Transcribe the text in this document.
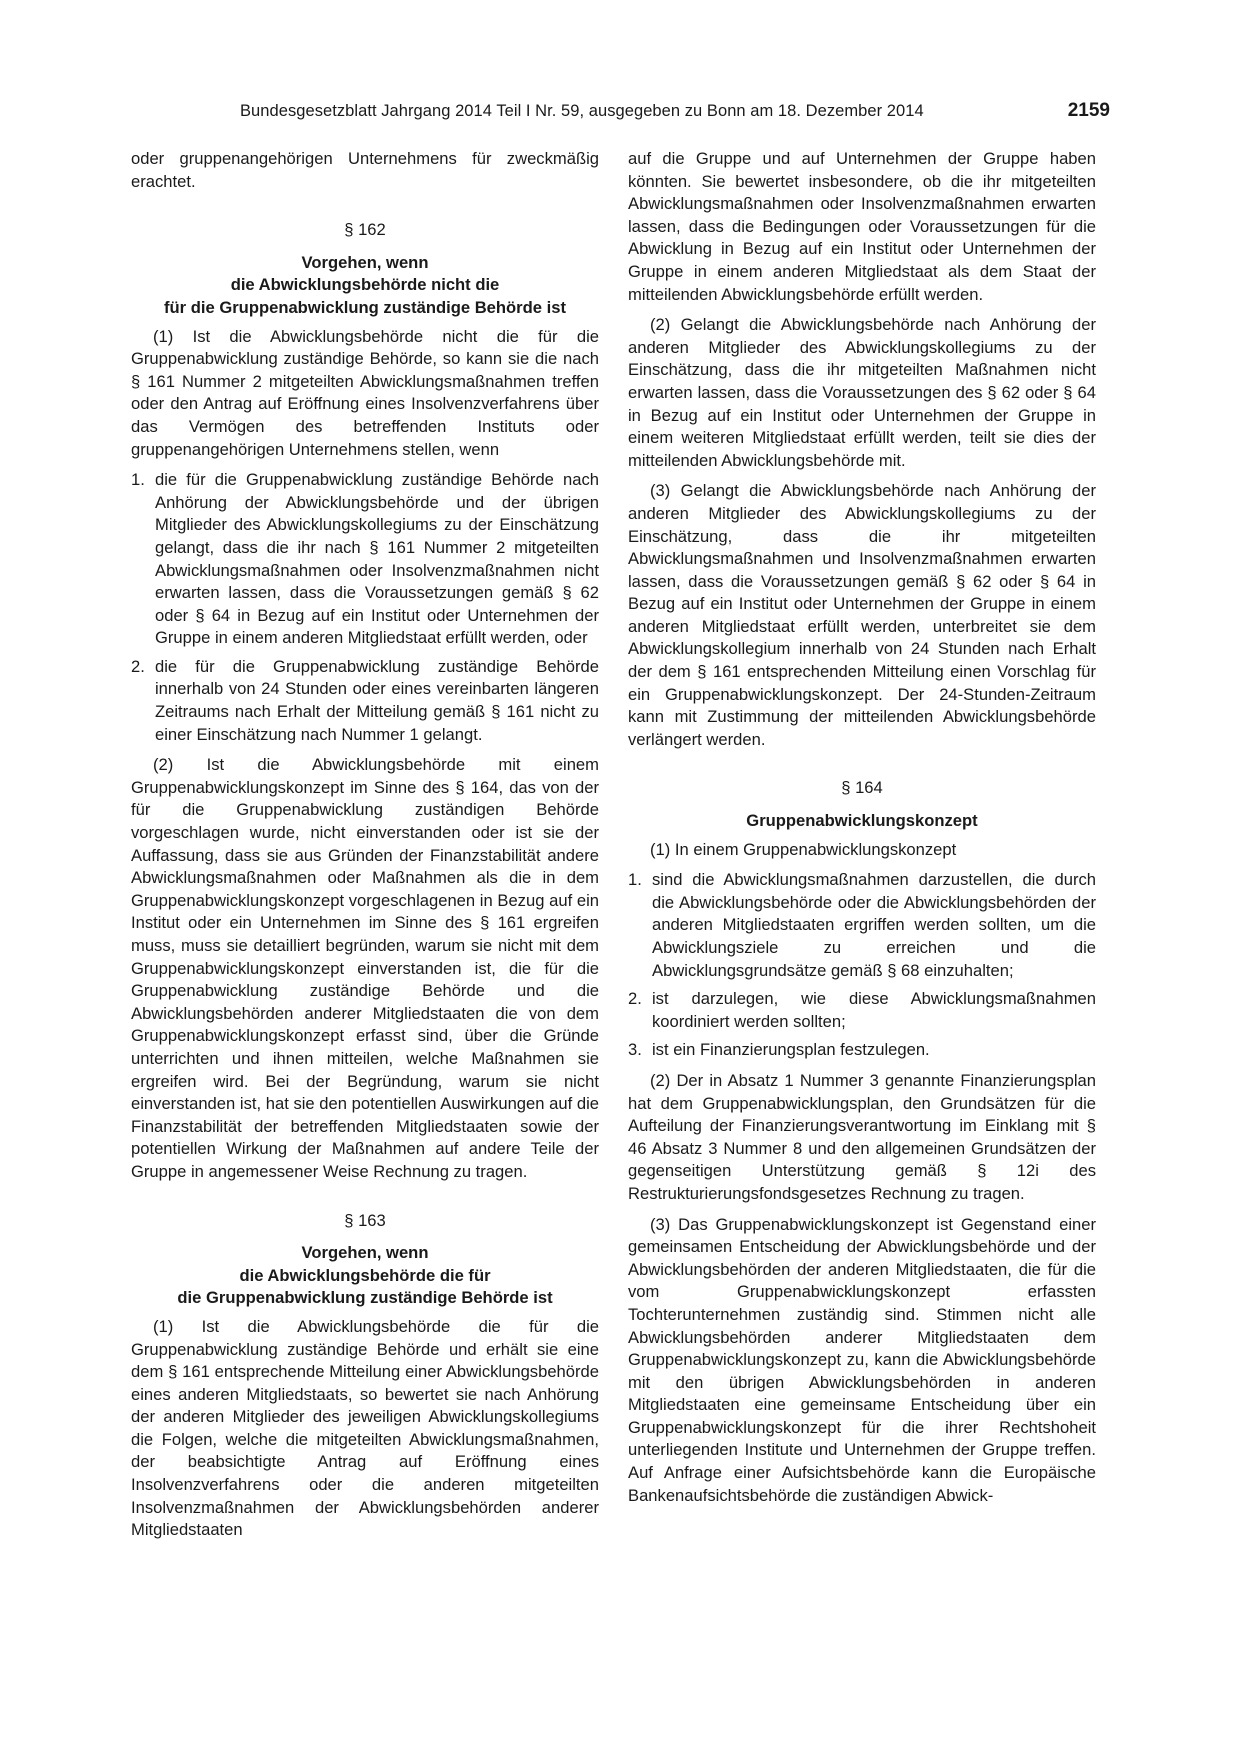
Bundesgesetzblatt Jahrgang 2014 Teil I Nr. 59, ausgegeben zu Bonn am 18. Dezember 2014	2159

oder gruppenangehörigen Unternehmens für zweckmäßig erachtet.

§ 162
Vorgehen, wenn
die Abwicklungsbehörde nicht die
für die Gruppenabwicklung zuständige Behörde ist

(1) Ist die Abwicklungsbehörde nicht die für die Gruppenabwicklung zuständige Behörde, so kann sie die nach § 161 Nummer 2 mitgeteilten Abwicklungsmaßnahmen treffen oder den Antrag auf Eröffnung eines Insolvenzverfahrens über das Vermögen des betreffenden Instituts oder gruppenangehörigen Unternehmens stellen, wenn

1. die für die Gruppenabwicklung zuständige Behörde nach Anhörung der Abwicklungsbehörde und der übrigen Mitglieder des Abwicklungskollegiums zu der Einschätzung gelangt, dass die ihr nach § 161 Nummer 2 mitgeteilten Abwicklungsmaßnahmen oder Insolvenzmaßnahmen nicht erwarten lassen, dass die Voraussetzungen gemäß § 62 oder § 64 in Bezug auf ein Institut oder Unternehmen der Gruppe in einem anderen Mitgliedstaat erfüllt werden, oder
2. die für die Gruppenabwicklung zuständige Behörde innerhalb von 24 Stunden oder eines vereinbarten längeren Zeitraums nach Erhalt der Mitteilung gemäß § 161 nicht zu einer Einschätzung nach Nummer 1 gelangt.

(2) Ist die Abwicklungsbehörde mit einem Gruppenabwicklungskonzept im Sinne des § 164, das von der für die Gruppenabwicklung zuständigen Behörde vorgeschlagen wurde, nicht einverstanden oder ist sie der Auffassung, dass sie aus Gründen der Finanzstabilität andere Abwicklungsmaßnahmen oder Maßnahmen als die in dem Gruppenabwicklungskonzept vorgeschlagenen in Bezug auf ein Institut oder ein Unternehmen im Sinne des § 161 ergreifen muss, muss sie detailliert begründen, warum sie nicht mit dem Gruppenabwicklungskonzept einverstanden ist, die für die Gruppenabwicklung zuständige Behörde und die Abwicklungsbehörden anderer Mitgliedstaaten die von dem Gruppenabwicklungskonzept erfasst sind, über die Gründe unterrichten und ihnen mitteilen, welche Maßnahmen sie ergreifen wird. Bei der Begründung, warum sie nicht einverstanden ist, hat sie den potentiellen Auswirkungen auf die Finanzstabilität der betreffenden Mitgliedstaaten sowie der potentiellen Wirkung der Maßnahmen auf andere Teile der Gruppe in angemessener Weise Rechnung zu tragen.

§ 163
Vorgehen, wenn
die Abwicklungsbehörde die für
die Gruppenabwicklung zuständige Behörde ist

(1) Ist die Abwicklungsbehörde die für die Gruppenabwicklung zuständige Behörde und erhält sie eine dem § 161 entsprechende Mitteilung einer Abwicklungsbehörde eines anderen Mitgliedstaats, so bewertet sie nach Anhörung der anderen Mitglieder des jeweiligen Abwicklungskollegiums die Folgen, welche die mitgeteilten Abwicklungsmaßnahmen, der beabsichtigte Antrag auf Eröffnung eines Insolvenzverfahrens oder die anderen mitgeteilten Insolvenzmaßnahmen der Abwicklungsbehörden anderer Mitgliedstaaten

auf die Gruppe und auf Unternehmen der Gruppe haben könnten. Sie bewertet insbesondere, ob die ihr mitgeteilten Abwicklungsmaßnahmen oder Insolvenzmaßnahmen erwarten lassen, dass die Bedingungen oder Voraussetzungen für die Abwicklung in Bezug auf ein Institut oder Unternehmen der Gruppe in einem anderen Mitgliedstaat als dem Staat der mitteilenden Abwicklungsbehörde erfüllt werden.

(2) Gelangt die Abwicklungsbehörde nach Anhörung der anderen Mitglieder des Abwicklungskollegiums zu der Einschätzung, dass die ihr mitgeteilten Maßnahmen nicht erwarten lassen, dass die Voraussetzungen des § 62 oder § 64 in Bezug auf ein Institut oder Unternehmen der Gruppe in einem weiteren Mitgliedstaat erfüllt werden, teilt sie dies der mitteilenden Abwicklungsbehörde mit.

(3) Gelangt die Abwicklungsbehörde nach Anhörung der anderen Mitglieder des Abwicklungskollegiums zu der Einschätzung, dass die ihr mitgeteilten Abwicklungsmaßnahmen und Insolvenzmaßnahmen erwarten lassen, dass die Voraussetzungen gemäß § 62 oder § 64 in Bezug auf ein Institut oder Unternehmen der Gruppe in einem anderen Mitgliedstaat erfüllt werden, unterbreitet sie dem Abwicklungskollegium innerhalb von 24 Stunden nach Erhalt der dem § 161 entsprechenden Mitteilung einen Vorschlag für ein Gruppenabwicklungskonzept. Der 24-Stunden-Zeitraum kann mit Zustimmung der mitteilenden Abwicklungsbehörde verlängert werden.

§ 164
Gruppenabwicklungskonzept

(1) In einem Gruppenabwicklungskonzept

1. sind die Abwicklungsmaßnahmen darzustellen, die durch die Abwicklungsbehörde oder die Abwicklungsbehörden der anderen Mitgliedstaaten ergriffen werden sollten, um die Abwicklungsziele zu erreichen und die Abwicklungsgrundsätze gemäß § 68 einzuhalten;
2. ist darzulegen, wie diese Abwicklungsmaßnahmen koordiniert werden sollten;
3. ist ein Finanzierungsplan festzulegen.

(2) Der in Absatz 1 Nummer 3 genannte Finanzierungsplan hat dem Gruppenabwicklungsplan, den Grundsätzen für die Aufteilung der Finanzierungsverantwortung im Einklang mit § 46 Absatz 3 Nummer 8 und den allgemeinen Grundsätzen der gegenseitigen Unterstützung gemäß § 12i des Restrukturierungsfondsgesetzes Rechnung zu tragen.

(3) Das Gruppenabwicklungskonzept ist Gegenstand einer gemeinsamen Entscheidung der Abwicklungsbehörde und der Abwicklungsbehörden der anderen Mitgliedstaaten, die für die vom Gruppenabwicklungskonzept erfassten Tochterunternehmen zuständig sind. Stimmen nicht alle Abwicklungsbehörden anderer Mitgliedstaaten dem Gruppenabwicklungskonzept zu, kann die Abwicklungsbehörde mit den übrigen Abwicklungsbehörden in anderen Mitgliedstaaten eine gemeinsame Entscheidung über ein Gruppenabwicklungskonzept für die ihrer Rechtshoheit unterliegenden Institute und Unternehmen der Gruppe treffen. Auf Anfrage einer Aufsichtsbehörde kann die Europäische Bankenaufsichtsbehörde die zuständigen Abwick-
